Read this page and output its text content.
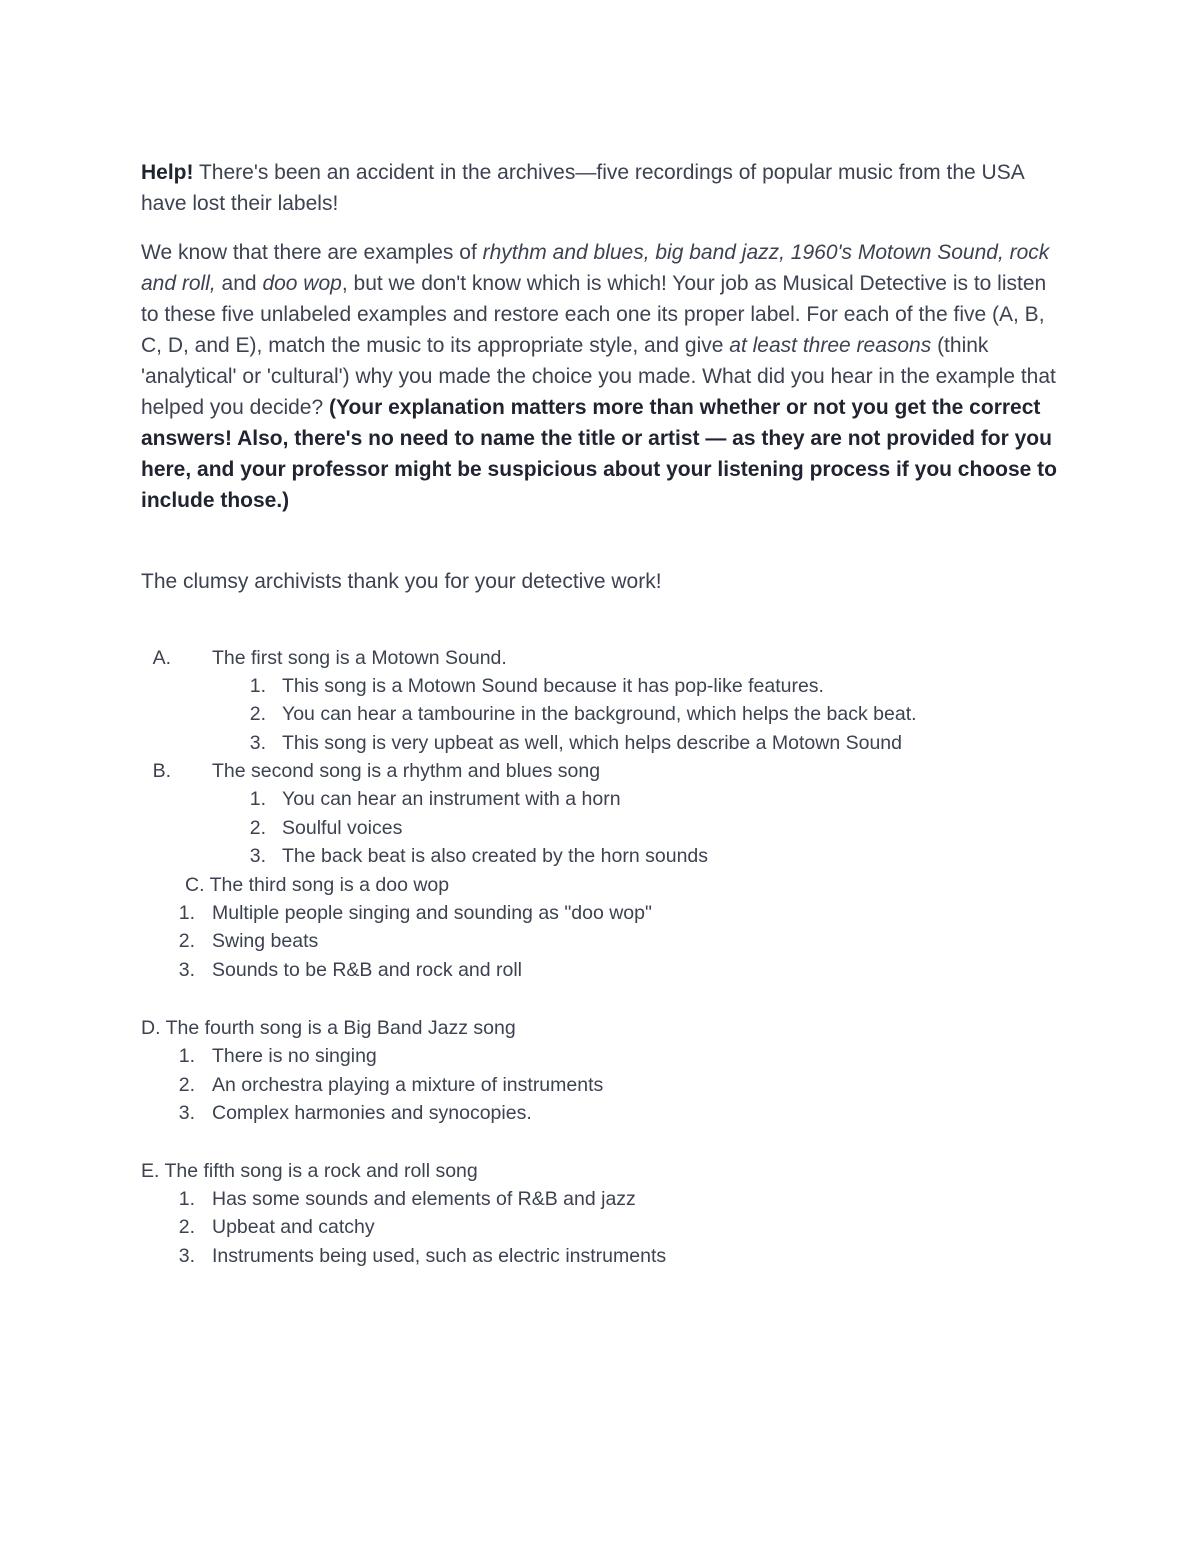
Help! There's been an accident in the archives—five recordings of popular music from the USA have lost their labels!

We know that there are examples of rhythm and blues, big band jazz, 1960's Motown Sound, rock and roll, and doo wop, but we don't know which is which! Your job as Musical Detective is to listen to these five unlabeled examples and restore each one its proper label. For each of the five (A, B, C, D, and E), match the music to its appropriate style, and give at least three reasons (think 'analytical' or 'cultural') why you made the choice you made. What did you hear in the example that helped you decide? (Your explanation matters more than whether or not you get the correct answers! Also, there's no need to name the title or artist — as they are not provided for you here, and your professor might be suspicious about your listening process if you choose to include those.)

The clumsy archivists thank you for your detective work!

A. The first song is a Motown Sound.
1. This song is a Motown Sound because it has pop-like features.
2. You can hear a tambourine in the background, which helps the back beat.
3. This song is very upbeat as well, which helps describe a Motown Sound
B. The second song is a rhythm and blues song
1. You can hear an instrument with a horn
2. Soulful voices
3. The back beat is also created by the horn sounds
C. The third song is a doo wop
1. Multiple people singing and sounding as "doo wop"
2. Swing beats
3. Sounds to be R&B and rock and roll
D. The fourth song is a Big Band Jazz song
1. There is no singing
2. An orchestra playing a mixture of instruments
3. Complex harmonies and synocopies.
E. The fifth song is a rock and roll song
1. Has some sounds and elements of R&B and jazz
2. Upbeat and catchy
3. Instruments being used, such as electric instruments
